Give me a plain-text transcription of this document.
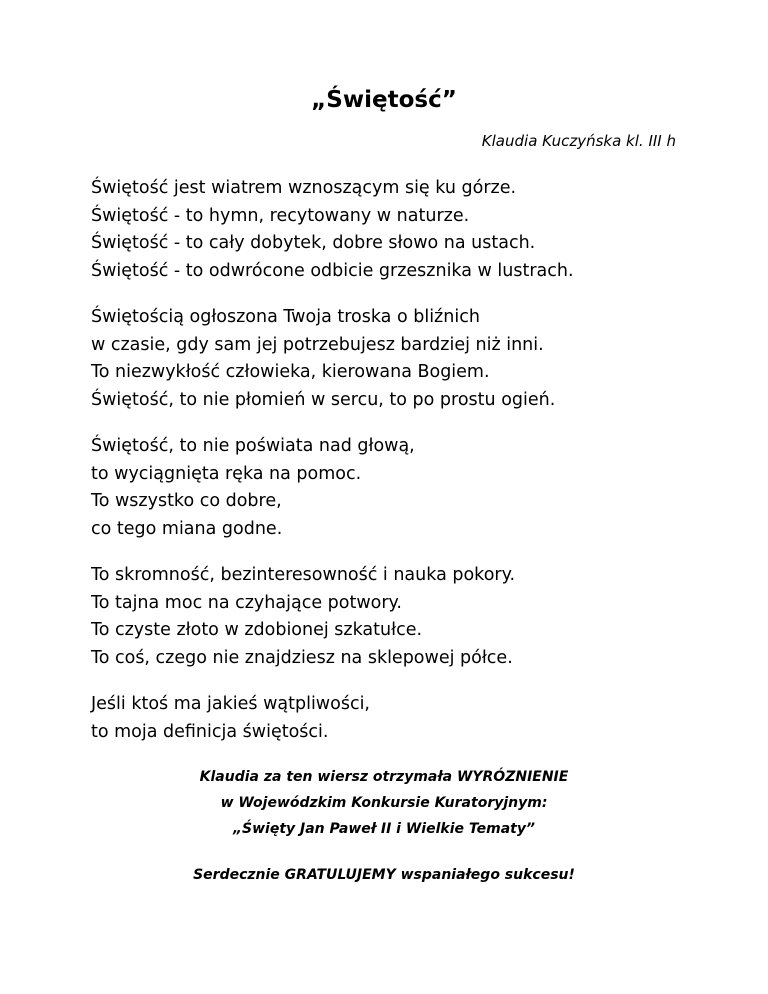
„Świętość”
Klaudia Kuczyńska kl. III h
Świętość jest wiatrem wznoszącym się ku górze.
Świętość - to hymn, recytowany w naturze.
Świętość - to cały dobytek, dobre słowo na ustach.
Świętość - to odwrócone odbicie grzesznika w lustrach.
Świętością ogłoszona Twoja troska o bliźnich
w czasie, gdy sam jej potrzebujesz bardziej niż inni.
To niezwykłość człowieka, kierowana Bogiem.
Świętość, to nie płomień w sercu, to po prostu ogień.
Świętość, to nie poświata nad głową,
to wyciągnięta ręka na pomoc.
To wszystko co dobre,
co tego miana godne.
To skromność, bezinteresowność i nauka pokory.
To tajna moc na czyhające potwory.
To czyste złoto w zdobionej szkatułce.
To coś, czego nie znajdziesz na sklepowej półce.
Jeśli ktoś ma jakieś wątpliwości,
to moja definicja świętości.
Klaudia za ten wiersz otrzymała WYRÓZNIENIE
w Wojewódzkim Konkursie Kuratoryjnym:
„Święty Jan Paweł II i Wielkie Tematy”
Serdecznie GRATULUJEMY wspaniałego sukcesu!
